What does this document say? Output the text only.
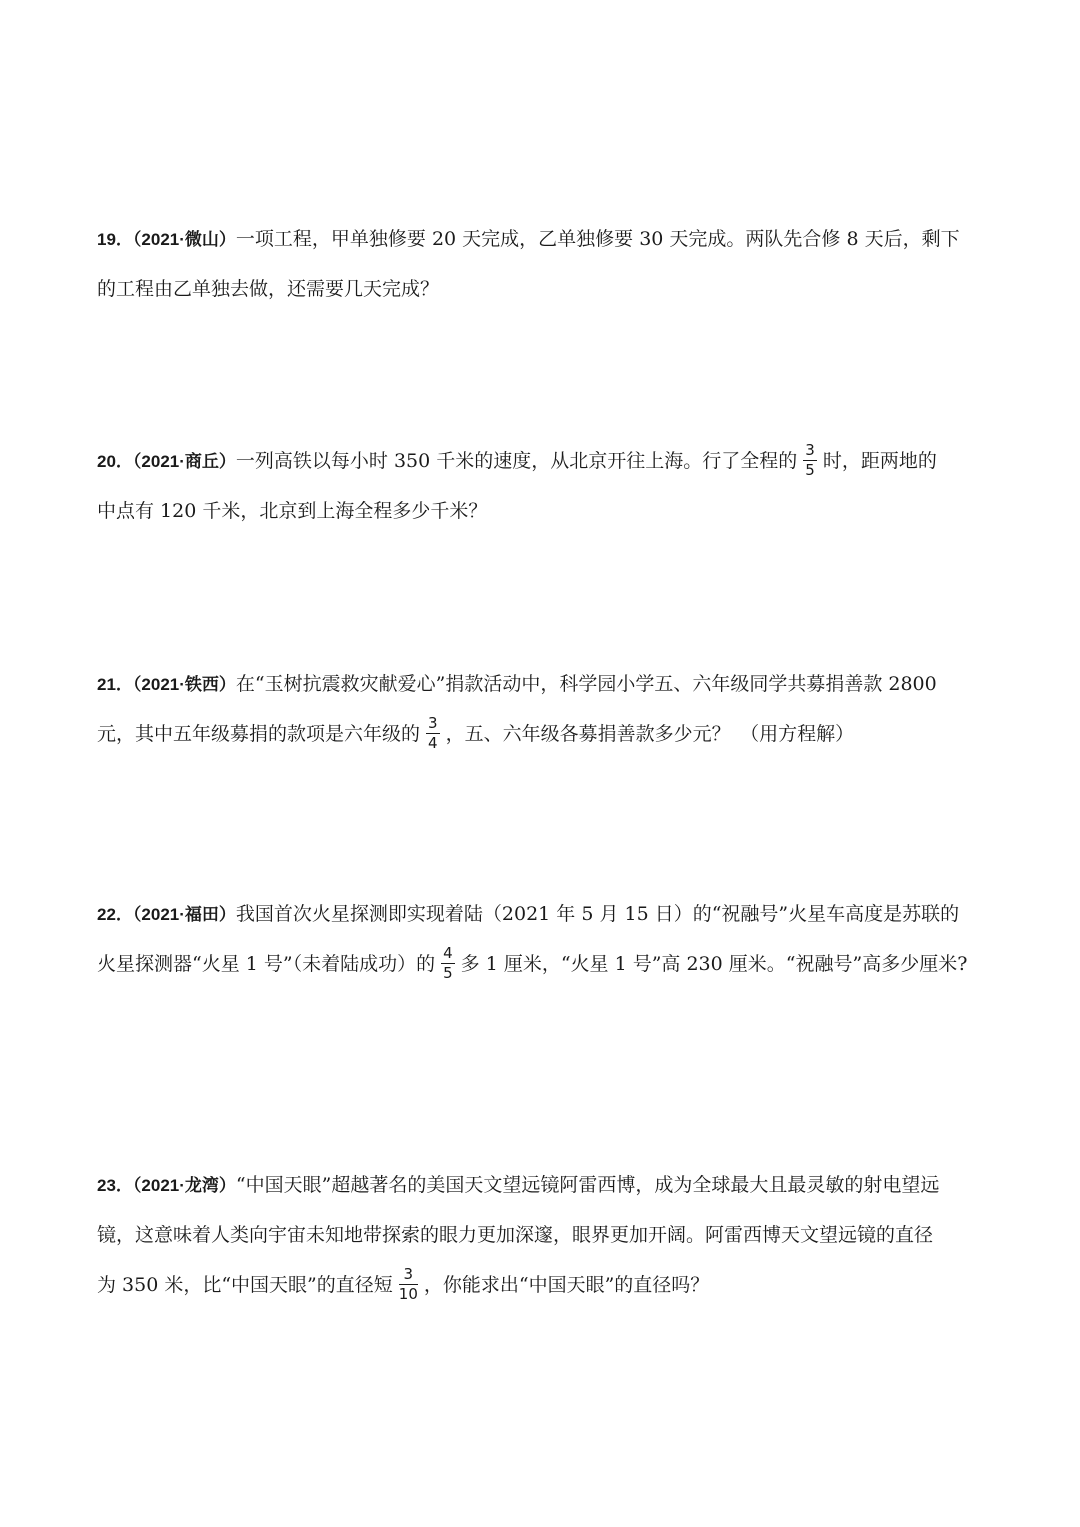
19．（2021·微山）一项工程，甲单独修要 20 天完成，乙单独修要 30 天完成。两队先合修 8 天后，剩下
的工程由乙单独去做，还需要几天完成？
20．（2021·商丘）一列高铁以每小时 350 千米的速度，从北京开往上海。行了全程的 $\frac{3}{5}$ 时，距两地的
中点有 120 千米，北京到上海全程多少千米？
21．（2021·铁西）在“玉树抗震救灾献爱心”捐款活动中，科学园小学五、六年级同学共募捐善款 2800
元，其中五年级募捐的款项是六年级的 $\frac{3}{4}$ ，五、六年级各募捐善款多少元？　（用方程解）
22．（2021·福田）我国首次火星探测即实现着陆（2021 年 5 月 15 日）的“祝融号”火星车高度是苏联的
火星探测器“火星 1 号”（未着陆成功）的 $\frac{4}{5}$ 多 1 厘米，“火星 1 号”高 230 厘米。“祝融号”高多少厘米?
23．（2021·龙湾）“中国天眼”超越著名的美国天文望远镜阿雷西博，成为全球最大且最灵敏的射电望远
镜，这意味着人类向宇宙未知地带探索的眼力更加深邃，眼界更加开阔。阿雷西博天文望远镜的直径
为 350 米，比“中国天眼”的直径短 $\frac{3}{10}$ ，你能求出“中国天眼”的直径吗？
